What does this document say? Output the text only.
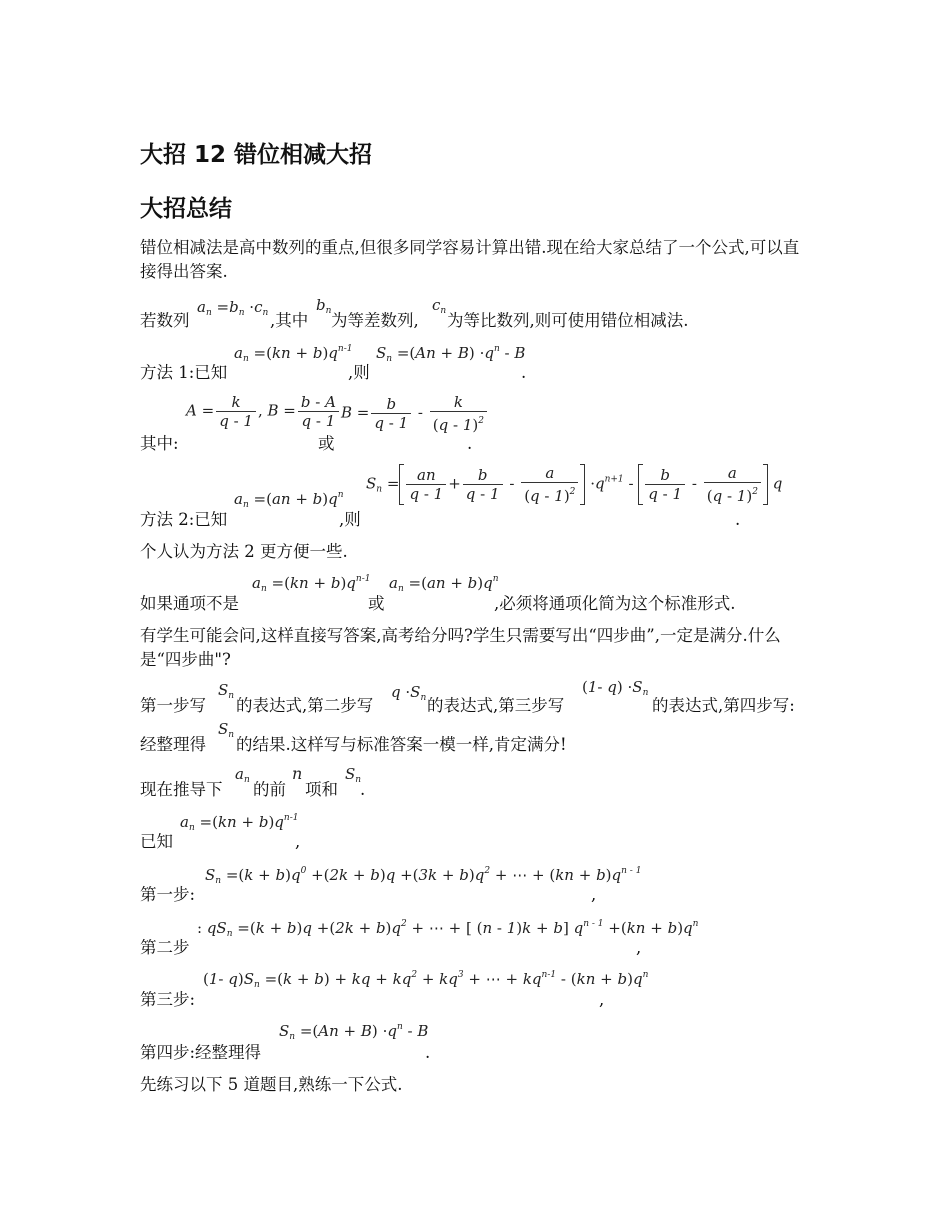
大招 12 错位相减大招
大招总结
错位相减法是高中数列的重点,但很多同学容易计算出错.现在给大家总结了一个公式,可以直接得出答案.
若数列
$a_n =b_n \cdot c_n$ ,其中
$b_n$ 为等差数列,
$c_n$ 为等比数列,则可使用错位相减法.
方法 1:已知
$a_n =(kn + b)q^{n-1}$
,则
$S_n =(An + B) \cdot q^n - B$
.
其中:
$A = \frac{k}{q - 1}$ , $B = \frac{b - A}{q - 1}$
或
$B = \frac{b}{q - 1} - \frac{k}{(q - 1)^2}$
.
方法 2:已知
$a_n =(an + b)q^n$
,则
$S_n = \frac{an}{q - 1} + \frac{b}{q - 1} - \frac{a}{(q - 1)^2} \cdot q^{n+1} - \frac{b}{q - 1} - \frac{a}{(q - 1)^2}$ q
.
个人认为方法 2 更方便一些.
如果通项不是
$a_n =(kn + b)q^{n-1}$
或
$a_n =(an + b)q^n$
,必须将通项化简为这个标准形式.
有学生可能会问,这样直接写答案,高考给分吗?学生只需要写出“四步曲”,一定是满分.什么是“四步曲"?
第一步写
$S_n$ 的表达式,第二步写
$q \cdot S_n$ 的表达式,第三步写
(1- $q) \cdot S_n$
的表达式,第四步写:
经整理得
$S_n$ 的结果.这样写与标准答案一模一样,肯定满分!
现在推导下
$a_n$ 的前
n
项和
$S_n$
.
已知
$a_n =(kn + b)q^{n-1}$
,
第一步:
$S_n =(k + b)q^0 +(2k + b)q +(3k + b)q^2$ + ⋯ + $(kn + b)q^{n - 1}$
,
第二步
: $qS_n =(k + b)q +(2k + b)q^2$ + ⋯ + [ (n - 1)k + b] $q^{n - 1} +(kn + b)q^n$
,
第三步:
(1- $q)S_n =(k + b)$ + kq + $kq^2 + kq^3$ + ⋯ + $kq^{n-1} - (kn + b)q^n$
,
第四步:经整理得
$S_n =(An + B) \cdot q^n - B$
.
先练习以下 5 道题目,熟练一下公式.
